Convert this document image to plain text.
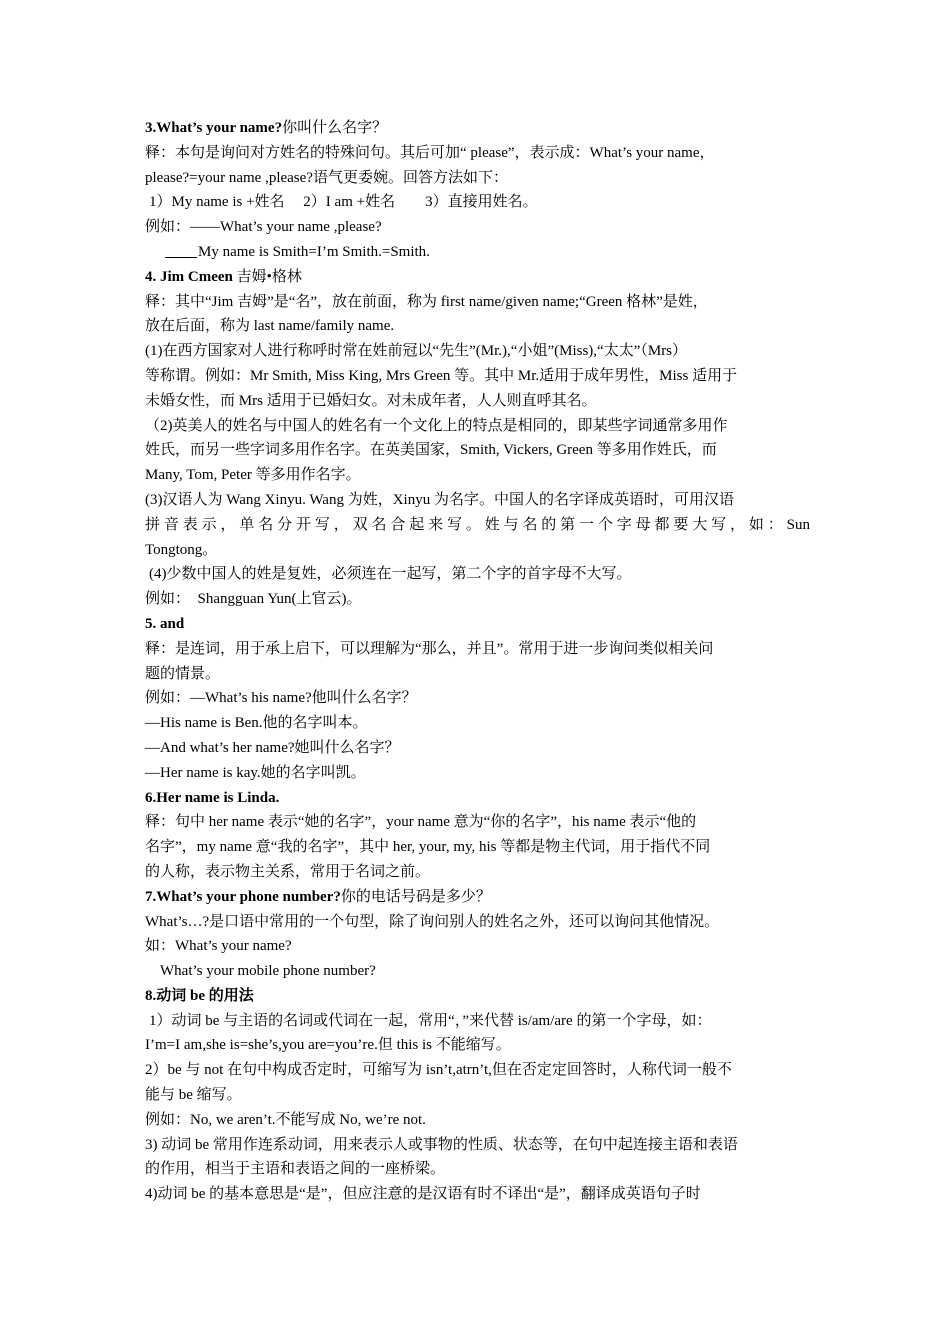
3.What’s your name?你叫什么名字？
释：本句是询问对方姓名的特殊问句。其后可加“ please”，表示成：What’s your name，
please?=your name ,please?语气更委婉。回答方法如下：
1）My name is +姓名　 2）I am +姓名　　3）直接用姓名。
例如：——What’s your name ,please?
My name is Smith=I’m Smith.=Smith.
4. Jim Cmeen 吉姆•格林
释：其中“Jim 吉姆”是“名”，放在前面，称为 first name/given name;“Green 格林”是姓，
放在后面，称为 last name/family name.
(1)在西方国家对人进行称呼时常在姓前冠以“先生”(Mr.),“小姐”(Miss),“太太”（Mrs）
等称谓。例如：Mr Smith, Miss King, Mrs Green 等。其中 Mr.适用于成年男性，Miss 适用于
未婚女性，而 Mrs 适用于已婚妇女。对未成年者，人人则直呼其名。
（2)英美人的姓名与中国人的姓名有一个文化上的特点是相同的，即某些字词通常多用作
姓氏，而另一些字词多用作名字。在英美国家，Smith, Vickers, Green 等多用作姓氏，而
Many, Tom, Peter 等多用作名字。
(3)汉语人为 Wang Xinyu. Wang 为姓，Xinyu 为名字。中国人的名字译成英语时，可用汉语
拼音表示，单名分开写，双名合起来写。姓与名的第一个字母都要大写，如：Sun
Tongtong。
(4)少数中国人的姓是复姓，必须连在一起写，第二个字的首字母不大写。
例如：　Shangguan Yun(上官云)。
5. and
释：是连词，用于承上启下，可以理解为“那么，并且”。常用于进一步询问类似相关问
题的情景。
例如：—What’s his name?他叫什么名字？
—His name is Ben.他的名字叫本。
—And what’s her name?她叫什么名字？
—Her name is kay.她的名字叫凯。
6.Her name is Linda.
释：句中 her name 表示“她的名字”，your name 意为“你的名字”，his name 表示“他的
名字”，my name 意“我的名字”，其中 her, your, my, his 等都是物主代词，用于指代不同
的人称，表示物主关系，常用于名词之前。
7.What’s your phone number?你的电话号码是多少？
What’s…?是口语中常用的一个句型，除了询问别人的姓名之外，还可以询问其他情况。
如：What’s your name?
What’s your mobile phone number?
8.动词 be 的用法
1）动词 be 与主语的名词或代词在一起，常用“，”来代替 is/am/are 的第一个字母，如：
I’m=I am,she is=she’s,you are=you’re.但 this is 不能缩写。
2）be 与 not 在句中构成否定时，可缩写为 isn’t,atrn’t,但在否定定回答时，人称代词一般不
能与 be 缩写。
例如：No, we aren’t.不能写成 No, we’re not.
3) 动词 be 常用作连系动词，用来表示人或事物的性质、状态等，在句中起连接主语和表语
的作用，相当于主语和表语之间的一座桥梁。
4)动词 be 的基本意思是“是”，但应注意的是汉语有时不译出“是”，翻译成英语句子时
